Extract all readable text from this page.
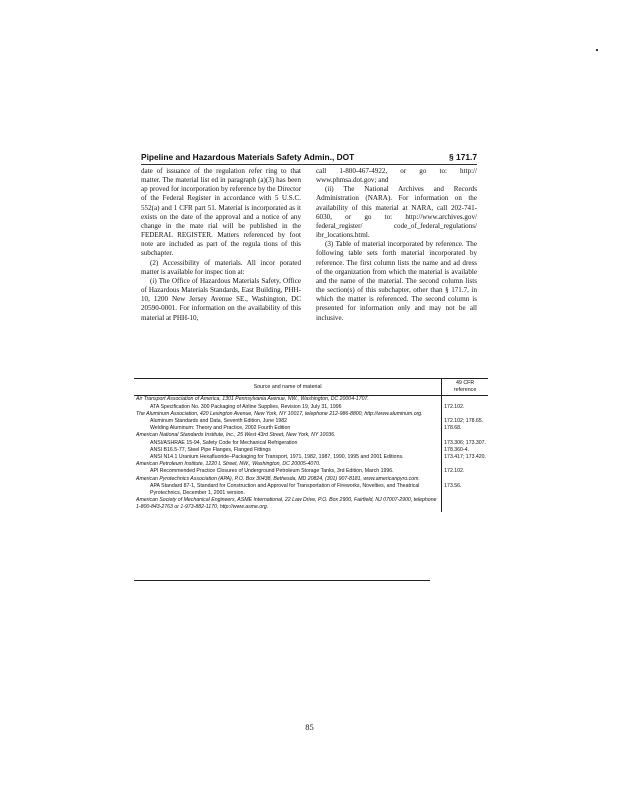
Pipeline and Hazardous Materials Safety Admin., DOT	§ 171.7

date of issuance of the regulation refer ring to that matter. The material list ed in paragraph (a)(3) has been ap proved for incorporation by reference by the Director of the Federal Register in accordance with 5 U.S.C. 552(a) and 1 CFR part 51. Material is incorporated as it exists on the date of the approval and a notice of any change in the mate rial will be published in the FEDERAL REGISTER. Matters referenced by foot note are included as part of the regula tions of this subchapter.

(2) Accessibility of materials. All incor porated matter is available for inspec tion at:

(i) The Office of Hazardous Materials Safety, Office of Hazardous Materials Standards, East Building, PHH-10, 1200 New Jersey Avenue SE., Washington, DC 20590-0001. For information on the availability of this material at PHH-10,

call 1-800-467-4922, or go to: http:// www.phmsa.dot.gov; and

(ii) The National Archives and Records Administration (NARA). For information on the availability of this material at NARA, call 202-741-6030, or go to: http://www.archives.gov/ federal_register/ code_of_federal_regulations/ ibr_locations.html.

(3) Table of material incorporated by reference. The following table sets forth material incorporated by reference. The first column lists the name and ad dress of the organization from which the material is available and the name of the material. The second column lists the section(s) of this subchapter, other than § 171.7, in which the matter is referenced. The second column is presented for information only and may not be all inclusive.

Source and name of material	49 CFR reference
Air Transport Association of America, 1301 Pennsylvania Avenue, NW., Washington, DC 20004-1707.	
ATA Specification No. 300 Packaging of Airline Supplies, Revision 19, July 31, 1996	172.102.
The Aluminum Association, 420 Lexington Avenue, New York, NY 10017, telephone 212-986-8800, http://www.aluminum.org.	
Aluminum Standards and Data, Seventh Edition, June 1982	172.102; 178.65.
Welding Aluminum: Theory and Practice, 2002 Fourth Edition	178.68.
American National Standards Institute, Inc., 25 West 43rd Street, New York, NY 10036.	
ANSI/ASHRAE 15-94, Safety Code for Mechanical Refrigeration	173.306; 173.307.
ANSI B16.5-77, Steel Pipe Flanges, Flanged Fittings	178.360-4.
ANSI N14.1 Uranium Hexafluoride–Packaging for Transport, 1971, 1982, 1987, 1990, 1995 and 2001 Editions.	173.417; 173.420.
American Petroleum Institute, 1220 L Street, NW., Washington, DC 20005-4070.	
API Recommended Practice Closures of Underground Petroleum Storage Tanks, 3rd Edition, March 1996.	172.102.
American Pyrotechnics Association (APA), P.O. Box 30438, Bethesda, MD 20824, (301) 907-8181, www.americanpyro.com.	
APA Standard 87-1, Standard for Construction and Approval for Transportation of Fireworks, Novelties, and Theatrical Pyrotechnics, December 1, 2001 version.	173.56.
American Society of Mechanical Engineers, ASME International, 22 Law Drive, P.O. Box 2900, Fairfield, NJ 07007-2900, telephone 1-800-843-2763 or 1-973-882-1170, http://www.asme.org.	
85
